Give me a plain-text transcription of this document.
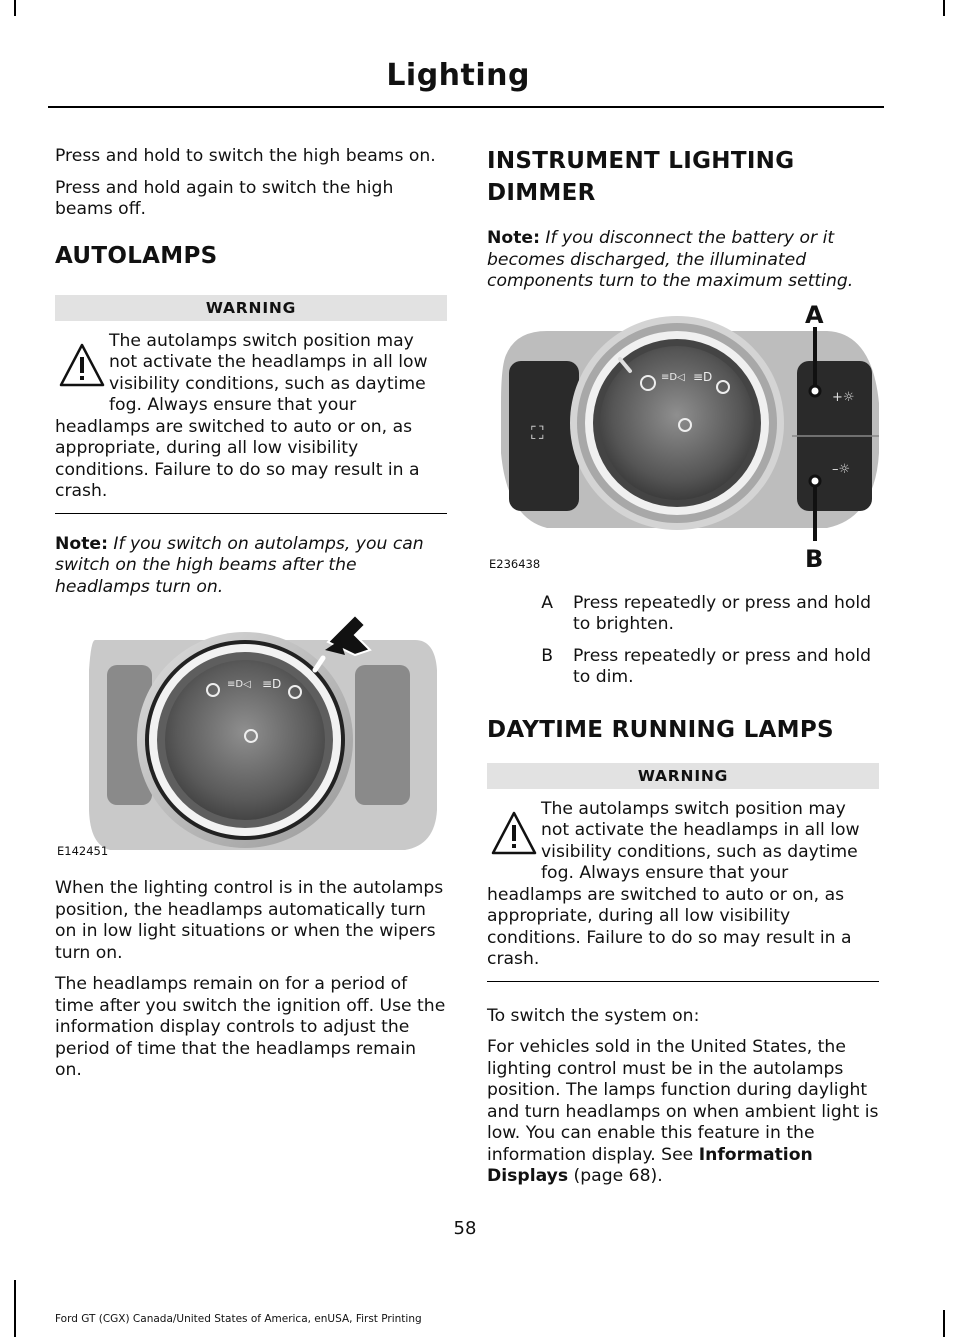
Lighting

Press and hold to switch the high beams on.

Press and hold again to switch the high beams off.

AUTOLAMPS
WARNING
The autolamps switch position may not activate the headlamps in all low visibility conditions, such as daytime fog. Always ensure that your headlamps are switched to auto or on, as appropriate, during all low visibility conditions. Failure to do so may result in a crash.

Note: If you switch on autolamps, you can switch on the high beams after the headlamps turn on.

≡D◁ ≡D
E142451

When the lighting control is in the autolamps position, the headlamps automatically turn on in low light situations or when the wipers turn on.

The headlamps remain on for a period of time after you switch the ignition off. Use the information display controls to adjust the period of time that the headlamps remain on.

INSTRUMENT LIGHTING
DIMMER

Note: If you disconnect the battery or it becomes discharged, the illuminated components turn to the maximum setting.

⛶
+☼
–☼
≡D◁ ≡D
A
B
E236438
A	Press repeatedly or press and hold to brighten.
B	Press repeatedly or press and hold to dim.
DAYTIME RUNNING LAMPS
WARNING
The autolamps switch position may not activate the headlamps in all low visibility conditions, such as daytime fog. Always ensure that your headlamps are switched to auto or on, as appropriate, during all low visibility conditions. Failure to do so may result in a crash.

To switch the system on:

For vehicles sold in the United States, the lighting control must be in the autolamps position. The lamps function during daylight and turn headlamps on when ambient light is low. You can enable this feature in the information display. See Information Displays (page 68).

58
Ford GT (CGX) Canada/United States of America, enUSA, First Printing
